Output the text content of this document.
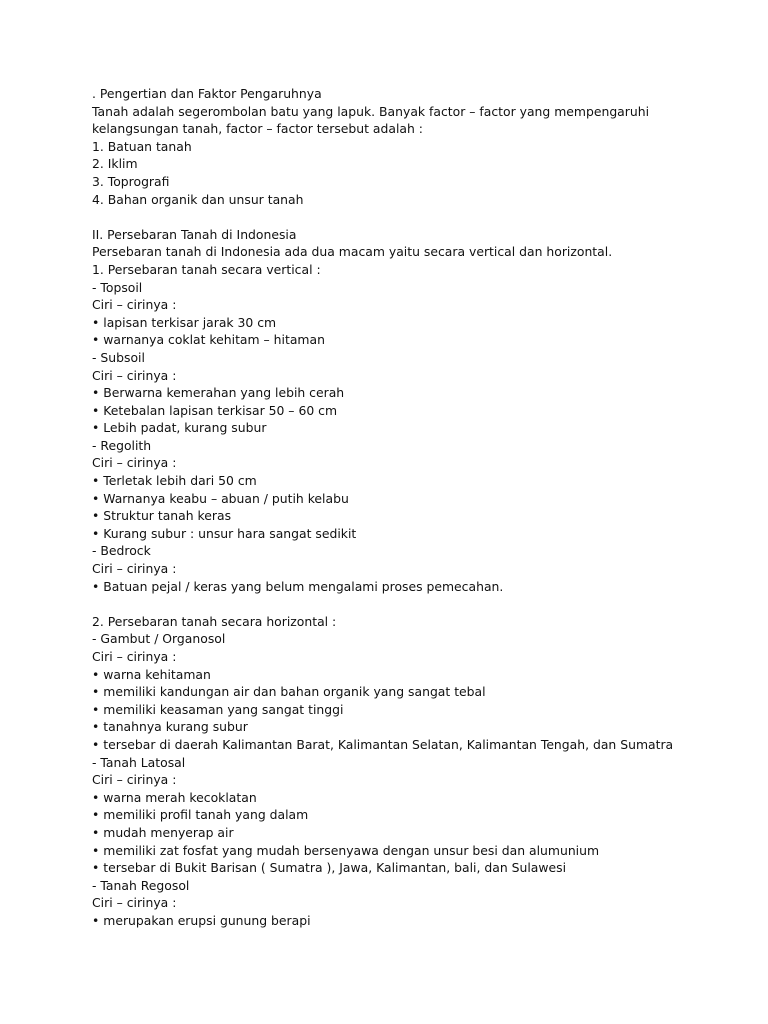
. Pengertian dan Faktor Pengaruhnya
Tanah adalah segerombolan batu yang lapuk. Banyak factor – factor yang mempengaruhi
kelangsungan tanah, factor – factor tersebut adalah :
1. Batuan tanah
2. Iklim
3. Toprografi
4. Bahan organik dan unsur tanah
II. Persebaran Tanah di Indonesia
Persebaran tanah di Indonesia ada dua macam yaitu secara vertical dan horizontal.
1. Persebaran tanah secara vertical :
- Topsoil
Ciri – cirinya :
• lapisan terkisar jarak 30 cm
• warnanya coklat kehitam – hitaman
- Subsoil
Ciri – cirinya :
• Berwarna kemerahan yang lebih cerah
• Ketebalan lapisan terkisar 50 – 60 cm
• Lebih padat, kurang subur
- Regolith
Ciri – cirinya :
• Terletak lebih dari 50 cm
• Warnanya keabu – abuan / putih kelabu
• Struktur tanah keras
• Kurang subur : unsur hara sangat sedikit
- Bedrock
Ciri – cirinya :
• Batuan pejal / keras yang belum mengalami proses pemecahan.
2. Persebaran tanah secara horizontal :
- Gambut / Organosol
Ciri – cirinya :
• warna kehitaman
• memiliki kandungan air dan bahan organik yang sangat tebal
• memiliki keasaman yang sangat tinggi
• tanahnya kurang subur
• tersebar di daerah Kalimantan Barat, Kalimantan Selatan, Kalimantan Tengah, dan Sumatra
- Tanah Latosal
Ciri – cirinya :
• warna merah kecoklatan
• memiliki profil tanah yang dalam
• mudah menyerap air
• memiliki zat fosfat yang mudah bersenyawa dengan unsur besi dan alumunium
• tersebar di Bukit Barisan ( Sumatra ), Jawa, Kalimantan, bali, dan Sulawesi
- Tanah Regosol
Ciri – cirinya :
• merupakan erupsi gunung berapi
